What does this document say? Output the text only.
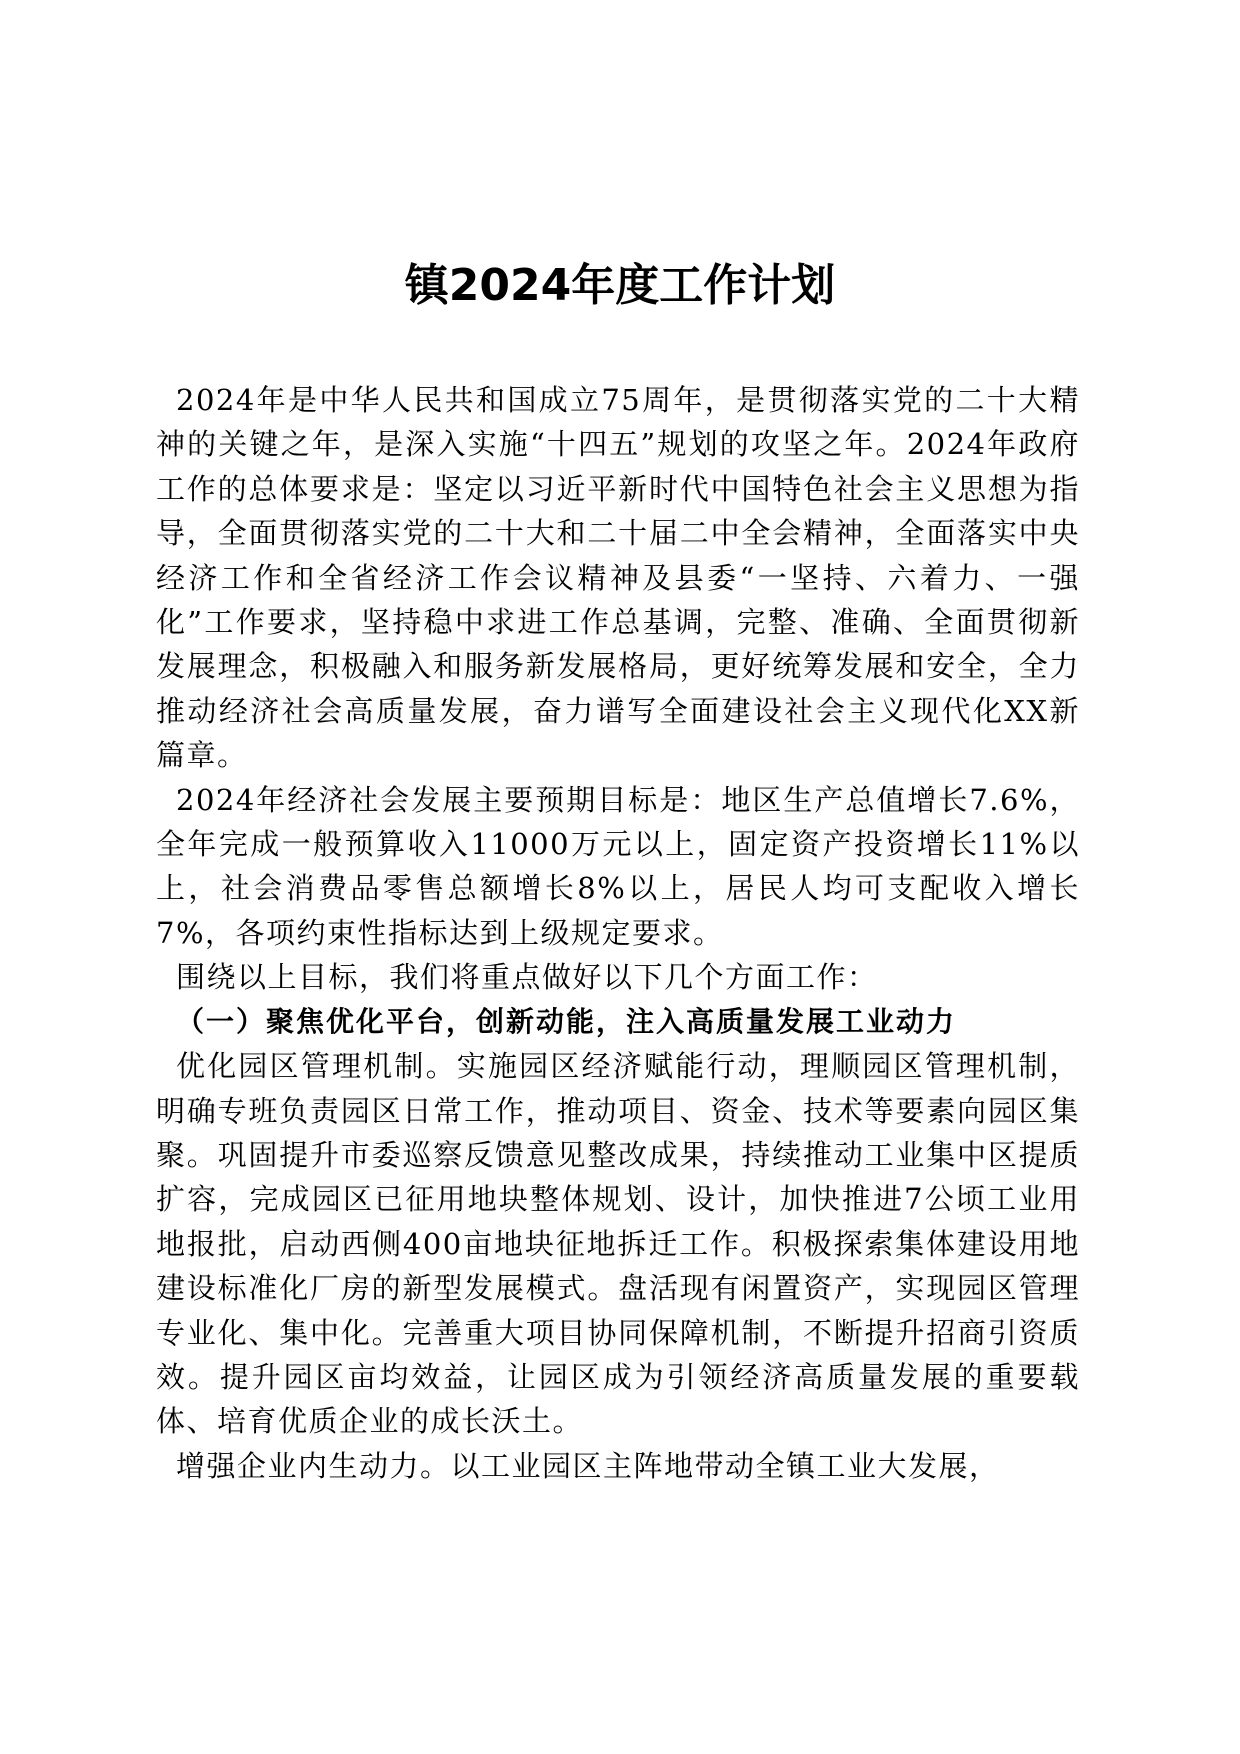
镇2024年度工作计划

2024年是中华人民共和国成立75周年，是贯彻落实党的二十大精神的关键之年，是深入实施“十四五”规划的攻坚之年。2024年政府工作的总体要求是：坚定以习近平新时代中国特色社会主义思想为指导，全面贯彻落实党的二十大和二十届二中全会精神，全面落实中央经济工作和全省经济工作会议精神及县委“一坚持、六着力、一强化”工作要求，坚持稳中求进工作总基调，完整、准确、全面贯彻新发展理念，积极融入和服务新发展格局，更好统筹发展和安全，全力推动经济社会高质量发展，奋力谱写全面建设社会主义现代化XX新篇章。

2024年经济社会发展主要预期目标是：地区生产总值增长7.6%，全年完成一般预算收入11000万元以上，固定资产投资增长11%以上，社会消费品零售总额增长8%以上，居民人均可支配收入增长7%，各项约束性指标达到上级规定要求。

围绕以上目标，我们将重点做好以下几个方面工作：

（一）聚焦优化平台，创新动能，注入高质量发展工业动力

优化园区管理机制。实施园区经济赋能行动，理顺园区管理机制，明确专班负责园区日常工作，推动项目、资金、技术等要素向园区集聚。巩固提升市委巡察反馈意见整改成果，持续推动工业集中区提质扩容，完成园区已征用地块整体规划、设计，加快推进7公顷工业用地报批，启动西侧400亩地块征地拆迁工作。积极探索集体建设用地建设标准化厂房的新型发展模式。盘活现有闲置资产，实现园区管理专业化、集中化。完善重大项目协同保障机制，不断提升招商引资质效。提升园区亩均效益，让园区成为引领经济高质量发展的重要载体、培育优质企业的成长沃土。

增强企业内生动力。以工业园区主阵地带动全镇工业大发展，
